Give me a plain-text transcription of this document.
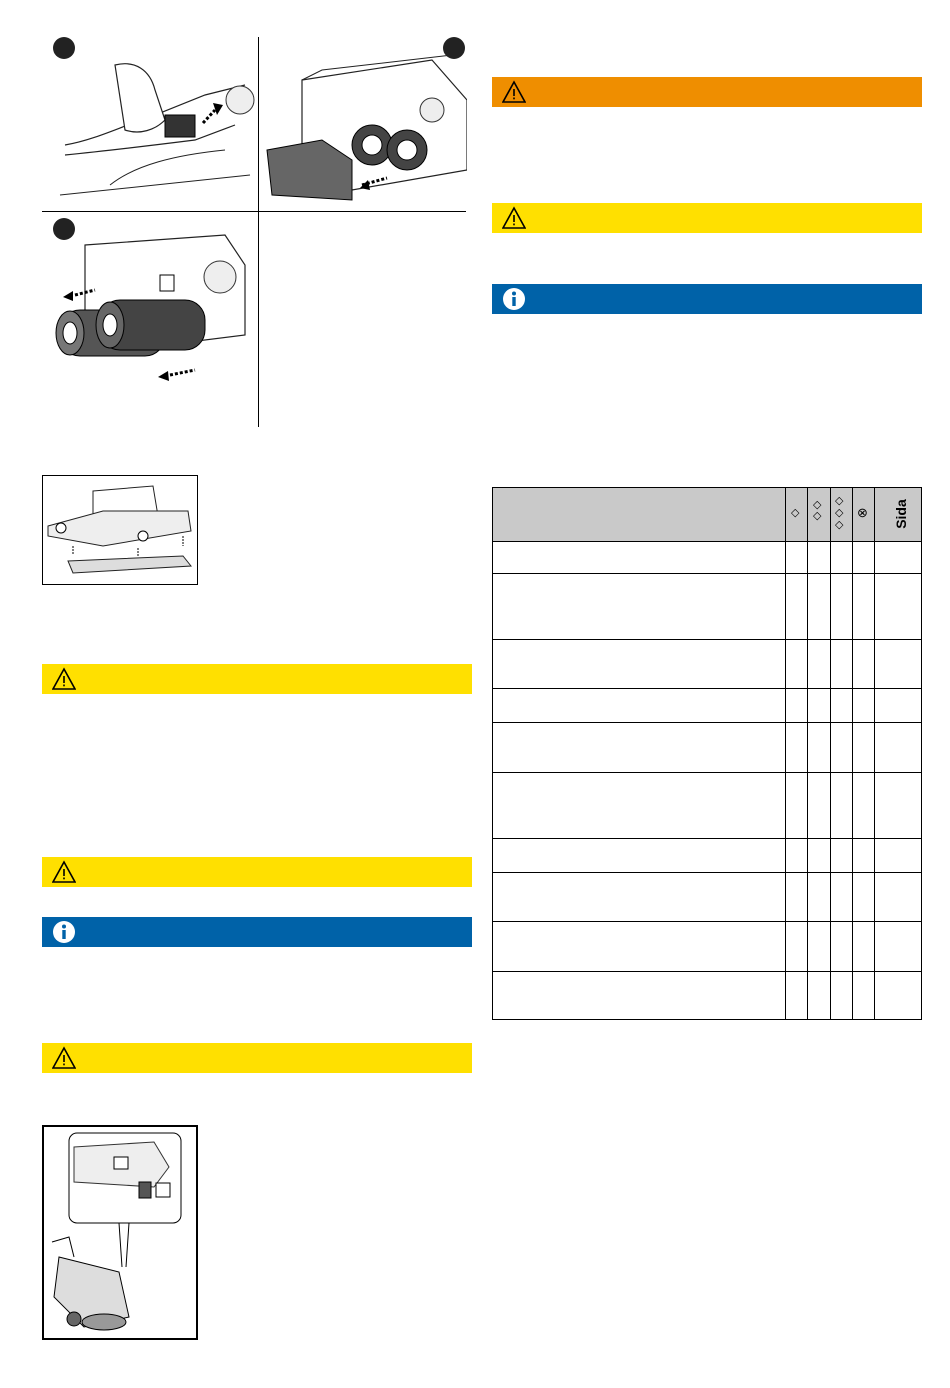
◇
◇
◇
◇
◇
◇
⊗ Sida
